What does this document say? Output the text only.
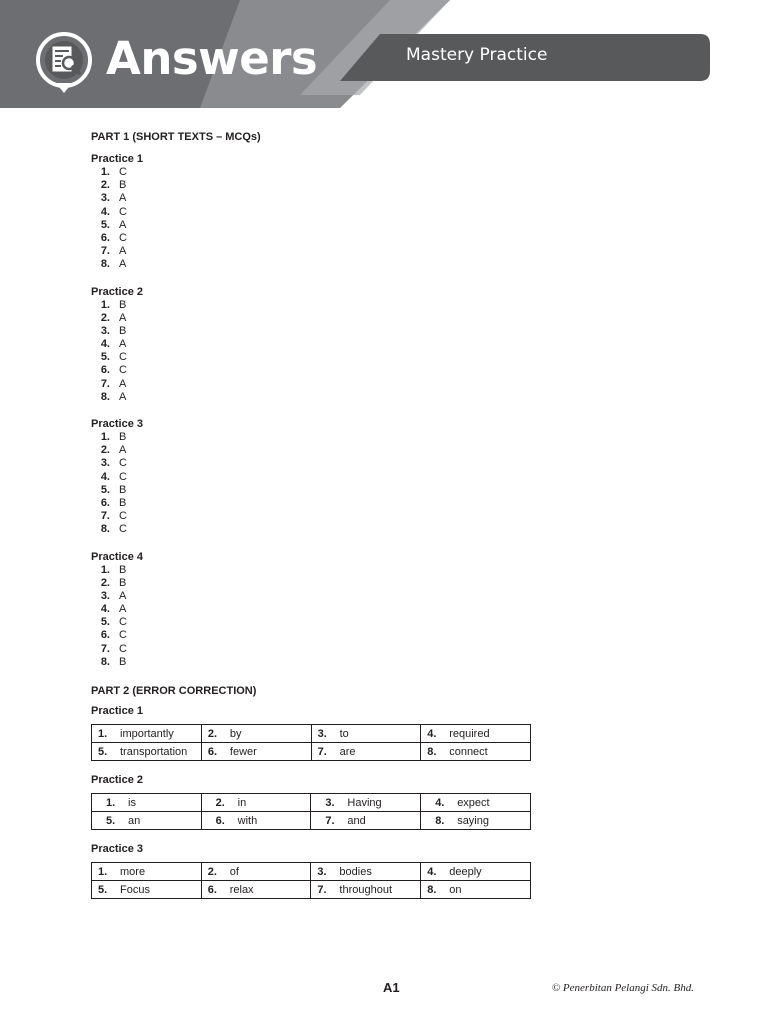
Answers	Mastery Practice
PART 1 (SHORT TEXTS – MCQs)
Practice 1
1. C
2. B
3. A
4. C
5. A
6. C
7. A
8. A
Practice 2
1. B
2. A
3. B
4. A
5. C
6. C
7. A
8. A
Practice 3
1. B
2. A
3. C
4. C
5. B
6. B
7. C
8. C
Practice 4
1. B
2. B
3. A
4. A
5. C
6. C
7. C
8. B
PART 2 (ERROR CORRECTION)
Practice 1
1. importantly	2. by	3. to	4. required
5. transportation	6. fewer	7. are	8. connect
Practice 2
1. is	2. in	3. Having	4. expect
5. an	6. with	7. and	8. saying
Practice 3
1. more	2. of	3. bodies	4. deeply
5. Focus	6. relax	7. throughout	8. on
A1	© Penerbitan Pelangi Sdn. Bhd.
